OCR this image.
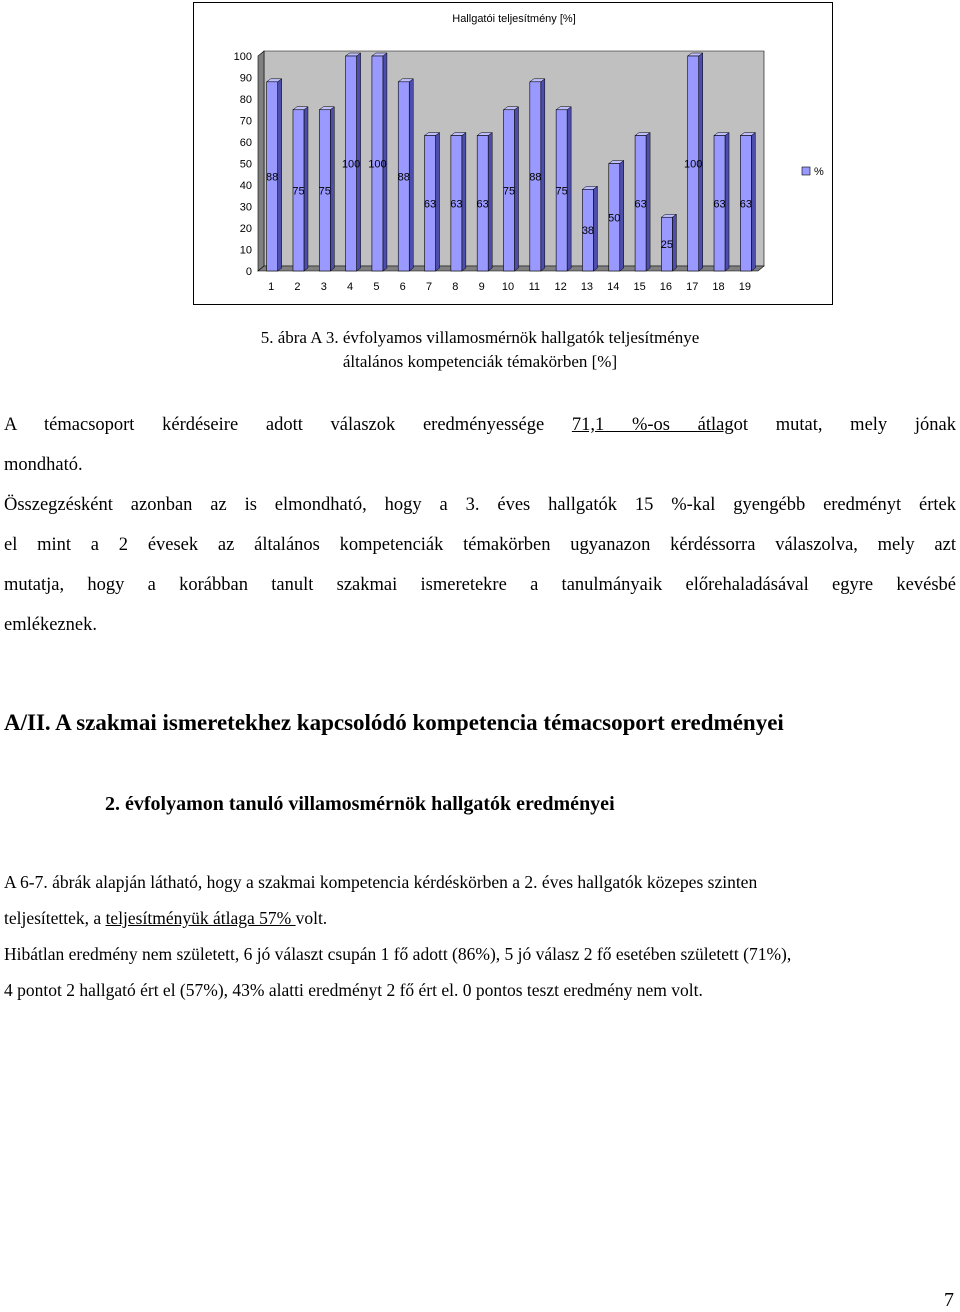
0
10
20
30
40
50
60
70
80
90
100
Hallgatói teljesítmény [%]
88
1
75
2
75
3
100
4
100
5
88
6
63
7
63
8
63
9
75
10
88
11
75
12
38
13
50
14
63
15
25
16
100
17
63
18
63
19
%
5. ábra A 3. évfolyamos villamosmérnök hallgatók teljesítménye
általános kompetenciák témakörben [%]
A témacsoport kérdéseire adott válaszok eredményessége 71,1 %-os átlagot mutat, mely jónak
mondható.
Összegzésként azonban az is elmondható, hogy a 3. éves hallgatók 15 %-kal gyengébb eredményt értek
el mint a 2 évesek az általános kompetenciák témakörben ugyanazon kérdéssorra válaszolva, mely azt
mutatja, hogy a korábban tanult szakmai ismeretekre a tanulmányaik előrehaladásával egyre kevésbé
emlékeznek.
A/II. A szakmai ismeretekhez kapcsolódó kompetencia témacsoport eredményei
2. évfolyamon tanuló villamosmérnök hallgatók eredményei
A 6-7. ábrák alapján látható, hogy a szakmai kompetencia kérdéskörben a 2. éves hallgatók közepes szinten
teljesítettek, a teljesítményük átlaga 57% volt.
Hibátlan eredmény nem született, 6 jó választ csupán 1 fő adott (86%), 5 jó válasz 2 fő esetében született (71%),
4 pontot 2 hallgató ért el (57%), 43% alatti eredményt 2 fő ért el. 0 pontos teszt eredmény nem volt.
7
